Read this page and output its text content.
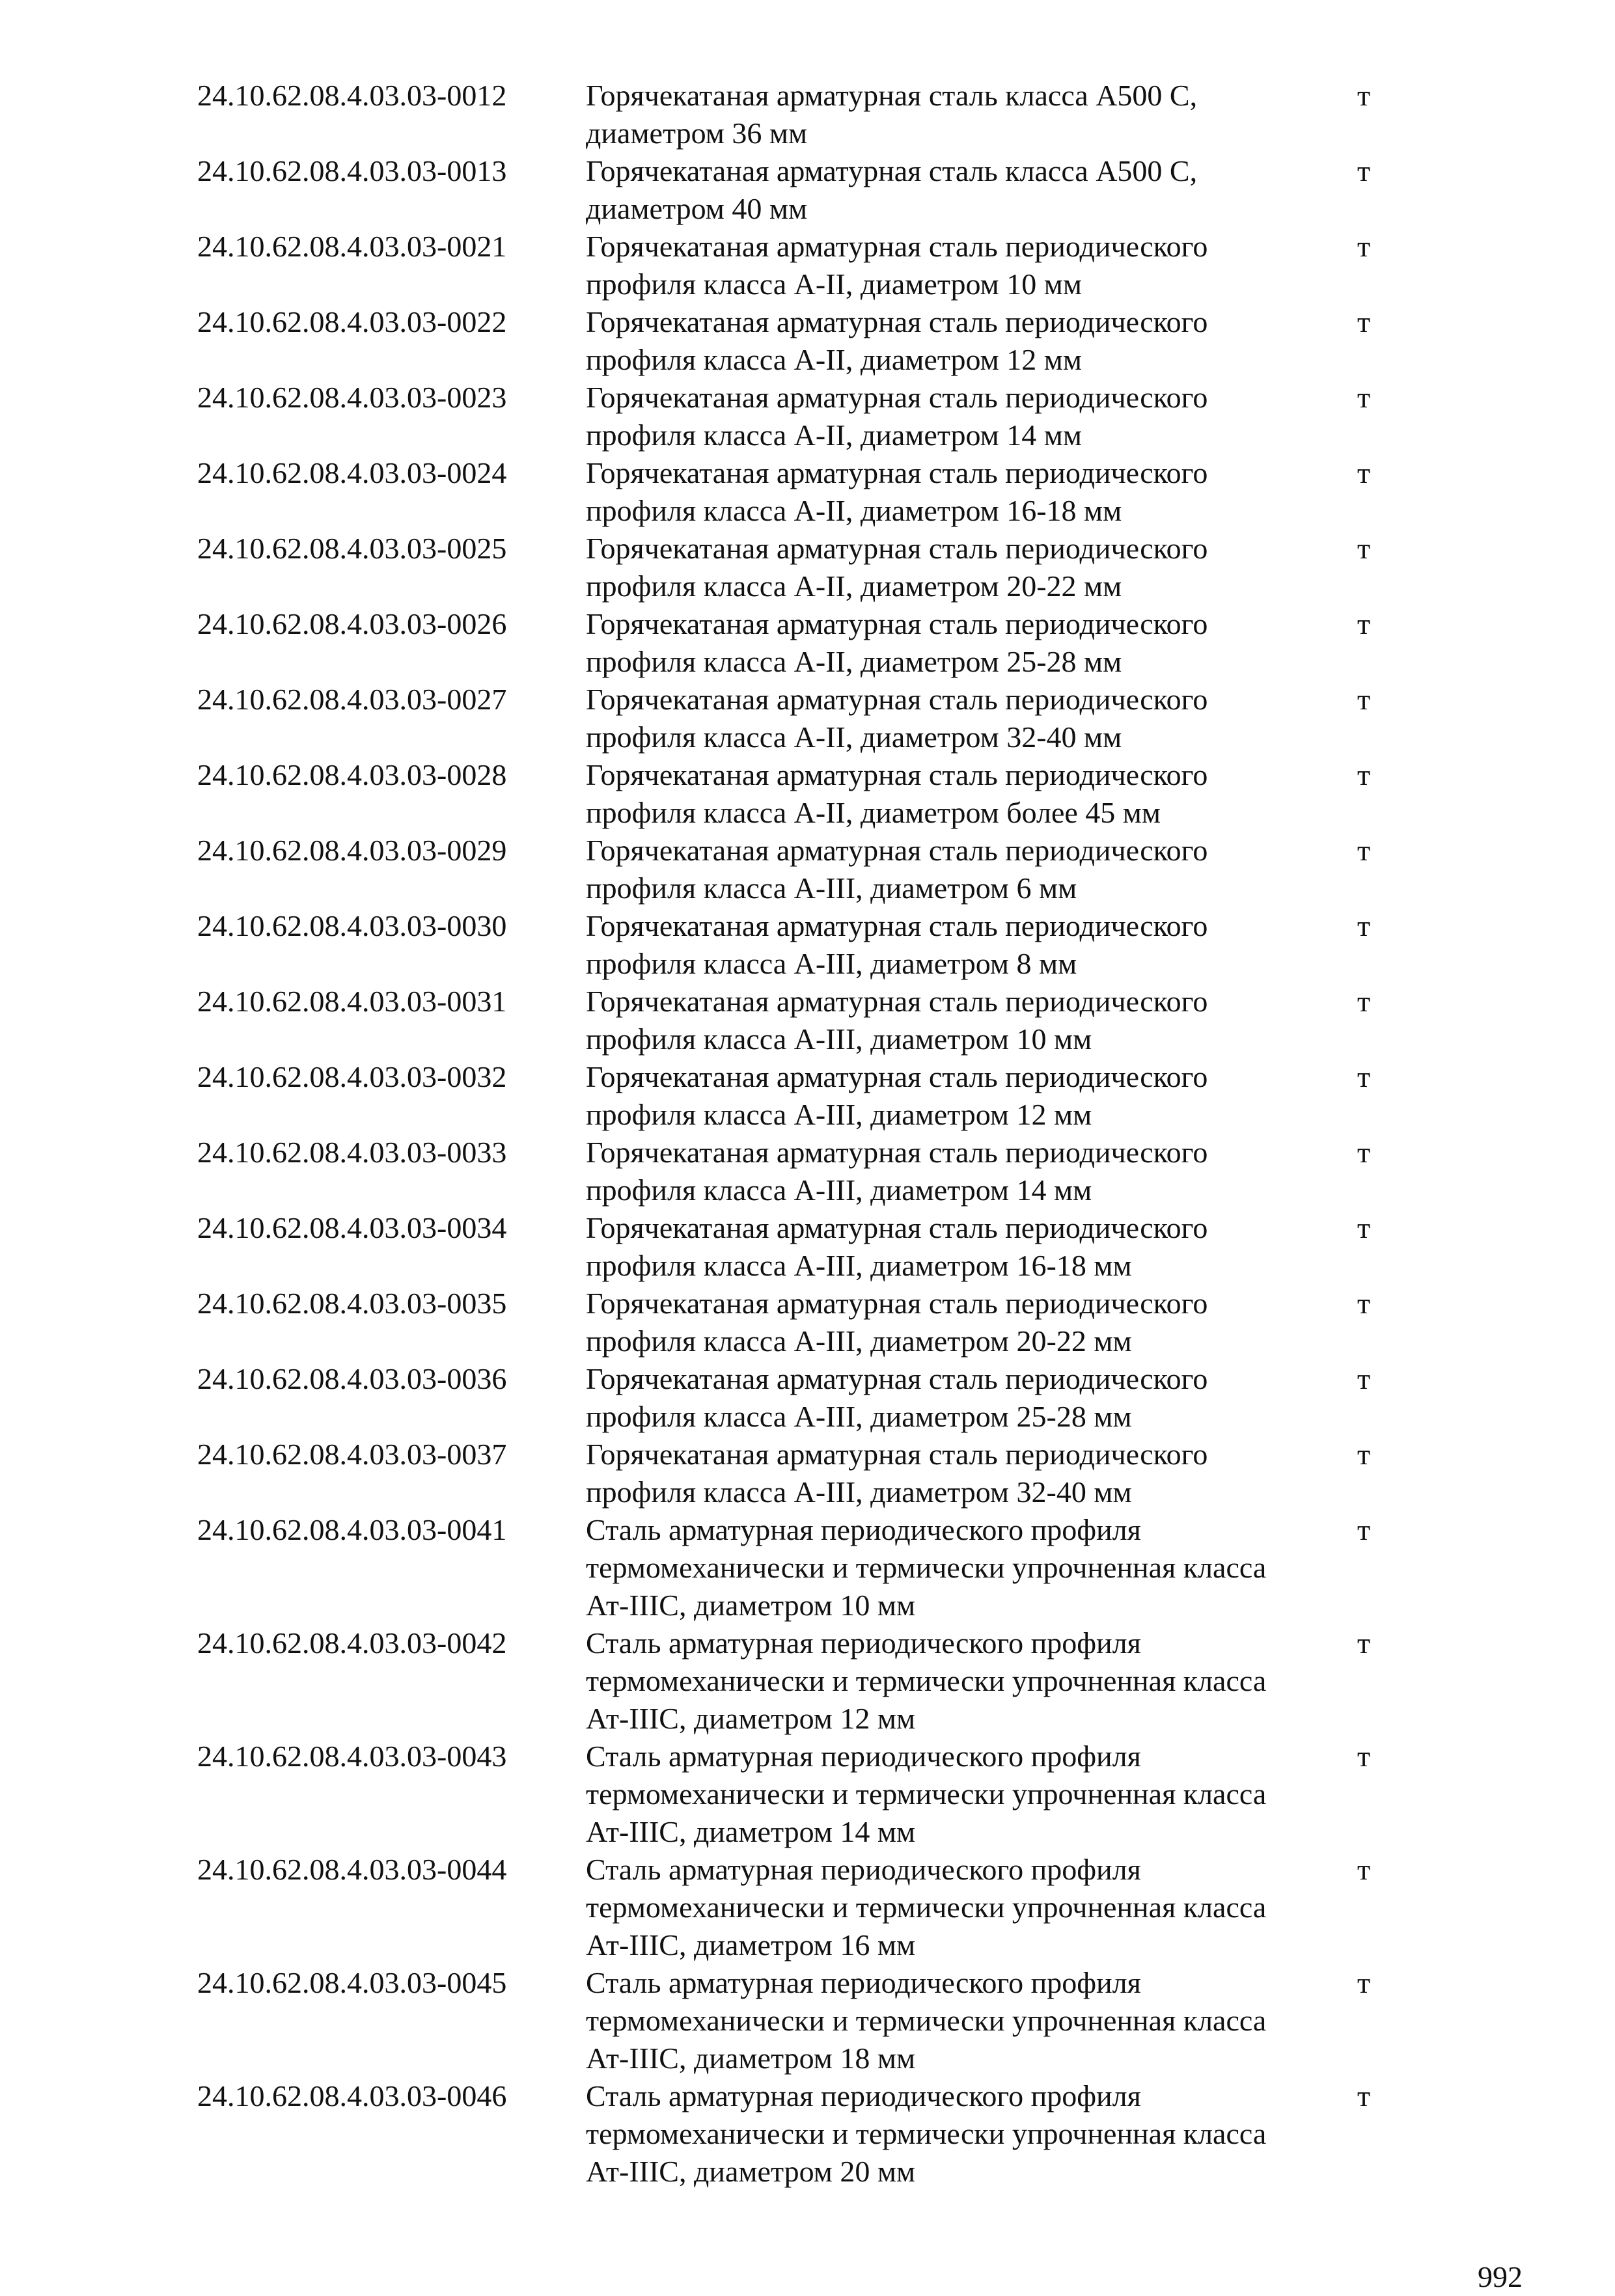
24.10.62.08.4.03.03-0012	Горячекатаная арматурная сталь класса А500 С,
диаметром 36 мм
т
24.10.62.08.4.03.03-0013	Горячекатаная арматурная сталь класса А500 С,
диаметром 40 мм
т
24.10.62.08.4.03.03-0021	Горячекатаная арматурная сталь периодического
профиля класса А-II, диаметром 10 мм
т
24.10.62.08.4.03.03-0022	Горячекатаная арматурная сталь периодического
профиля класса А-II, диаметром 12 мм
т
24.10.62.08.4.03.03-0023	Горячекатаная арматурная сталь периодического
профиля класса А-II, диаметром 14 мм
т
24.10.62.08.4.03.03-0024	Горячекатаная арматурная сталь периодического
профиля класса А-II, диаметром 16-18 мм
т
24.10.62.08.4.03.03-0025	Горячекатаная арматурная сталь периодического
профиля класса А-II, диаметром 20-22 мм
т
24.10.62.08.4.03.03-0026	Горячекатаная арматурная сталь периодического
профиля класса А-II, диаметром 25-28 мм
т
24.10.62.08.4.03.03-0027	Горячекатаная арматурная сталь периодического
профиля класса А-II, диаметром 32-40 мм
т
24.10.62.08.4.03.03-0028	Горячекатаная арматурная сталь периодического
профиля класса А-II, диаметром более 45 мм
т
24.10.62.08.4.03.03-0029	Горячекатаная арматурная сталь периодического
профиля класса А-III, диаметром 6 мм
т
24.10.62.08.4.03.03-0030	Горячекатаная арматурная сталь периодического
профиля класса А-III, диаметром 8 мм
т
24.10.62.08.4.03.03-0031	Горячекатаная арматурная сталь периодического
профиля класса А-III, диаметром 10 мм
т
24.10.62.08.4.03.03-0032	Горячекатаная арматурная сталь периодического
профиля класса А-III, диаметром 12 мм
т
24.10.62.08.4.03.03-0033	Горячекатаная арматурная сталь периодического
профиля класса А-III, диаметром 14 мм
т
24.10.62.08.4.03.03-0034	Горячекатаная арматурная сталь периодического
профиля класса А-III, диаметром 16-18 мм
т
24.10.62.08.4.03.03-0035	Горячекатаная арматурная сталь периодического
профиля класса А-III, диаметром 20-22 мм
т
24.10.62.08.4.03.03-0036	Горячекатаная арматурная сталь периодического
профиля класса А-III, диаметром 25-28 мм
т
24.10.62.08.4.03.03-0037	Горячекатаная арматурная сталь периодического
профиля класса А-III, диаметром 32-40 мм
т
24.10.62.08.4.03.03-0041	Сталь арматурная периодического профиля
термомеханически и термически упрочненная класса
Ат-IIIС, диаметром 10 мм
т
24.10.62.08.4.03.03-0042	Сталь арматурная периодического профиля
термомеханически и термически упрочненная класса
Ат-IIIС, диаметром 12 мм
т
24.10.62.08.4.03.03-0043	Сталь арматурная периодического профиля
термомеханически и термически упрочненная класса
Ат-IIIС, диаметром 14 мм
т
24.10.62.08.4.03.03-0044	Сталь арматурная периодического профиля
термомеханически и термически упрочненная класса
Ат-IIIС, диаметром 16 мм
т
24.10.62.08.4.03.03-0045	Сталь арматурная периодического профиля
термомеханически и термически упрочненная класса
Ат-IIIС, диаметром 18 мм
т
24.10.62.08.4.03.03-0046	Сталь арматурная периодического профиля
термомеханически и термически упрочненная класса
Ат-IIIС, диаметром 20 мм
т
992
